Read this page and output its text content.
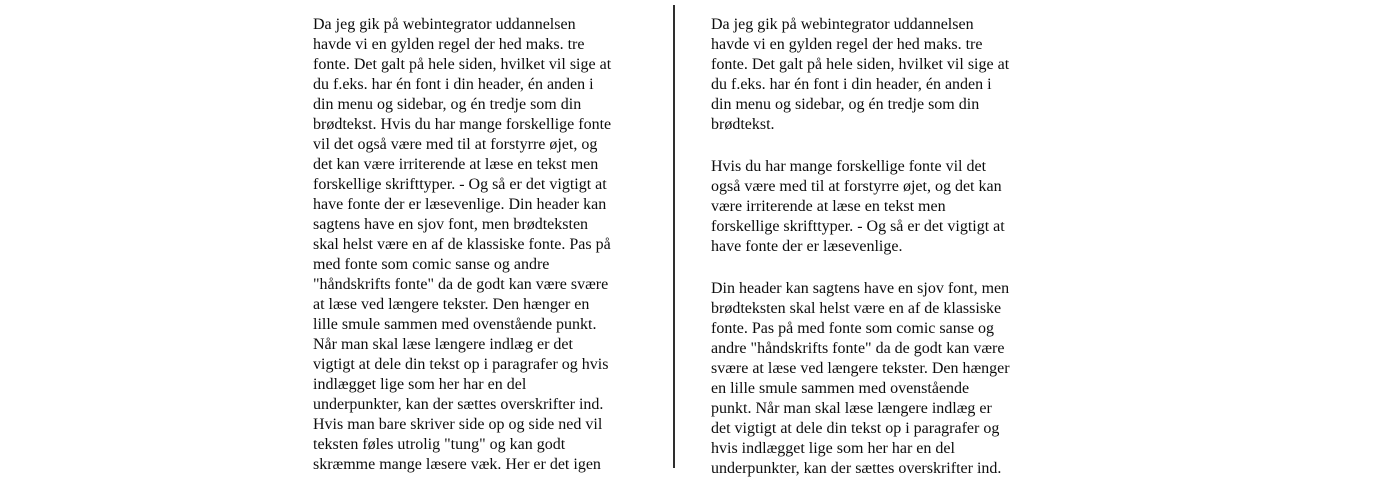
Da jeg gik på webintegrator uddannelsen
havde vi en gylden regel der hed maks. tre
fonte. Det galt på hele siden, hvilket vil sige at
du f.eks. har én font i din header, én anden i
din menu og sidebar, og én tredje som din
brødtekst. Hvis du har mange forskellige fonte
vil det også være med til at forstyrre øjet, og
det kan være irriterende at læse en tekst men
forskellige skrifttyper. - Og så er det vigtigt at
have fonte der er læsevenlige. Din header kan
sagtens have en sjov font, men brødteksten
skal helst være en af de klassiske fonte. Pas på
med fonte som comic sanse og andre
"håndskrifts fonte" da de godt kan være svære
at læse ved længere tekster. Den hænger en
lille smule sammen med ovenstående punkt.
Når man skal læse længere indlæg er det
vigtigt at dele din tekst op i paragrafer og hvis
indlægget lige som her har en del
underpunkter, kan der sættes overskrifter ind.
Hvis man bare skriver side op og side ned vil
teksten føles utrolig "tung" og kan godt
skræmme mange læsere væk. Her er det igen
Da jeg gik på webintegrator uddannelsen
havde vi en gylden regel der hed maks. tre
fonte. Det galt på hele siden, hvilket vil sige at
du f.eks. har én font i din header, én anden i
din menu og sidebar, og én tredje som din
brødtekst.
Hvis du har mange forskellige fonte vil det
også være med til at forstyrre øjet, og det kan
være irriterende at læse en tekst men
forskellige skrifttyper. - Og så er det vigtigt at
have fonte der er læsevenlige.
Din header kan sagtens have en sjov font, men
brødteksten skal helst være en af de klassiske
fonte. Pas på med fonte som comic sanse og
andre "håndskrifts fonte" da de godt kan være
svære at læse ved længere tekster. Den hænger
en lille smule sammen med ovenstående
punkt. Når man skal læse længere indlæg er
det vigtigt at dele din tekst op i paragrafer og
hvis indlægget lige som her har en del
underpunkter, kan der sættes overskrifter ind.
